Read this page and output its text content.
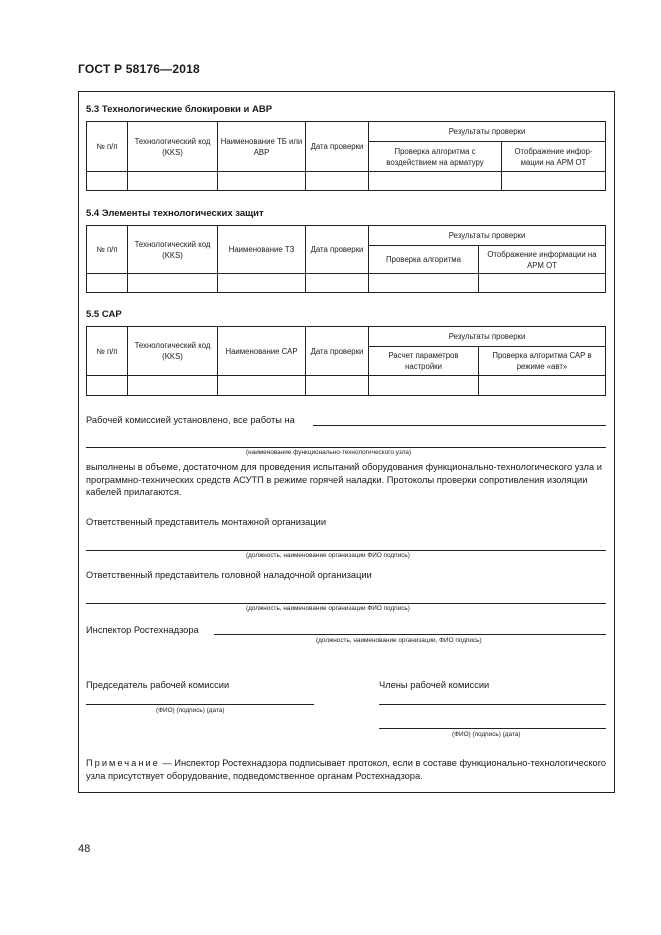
ГОСТ Р 58176—2018
5.3 Технологические блокировки и АВР
№ п/п	Технологический код (KKS)	Наименование ТБ или АВР	Дата проверки	Результаты проверки	
				Проверка алгоритма с воздействием на арматуру	Отображение инфор-мации на АРМ ОТ

5.4 Элементы технологических защит
№ п/п	Технологический код (KKS)	Наименование ТЗ	Дата проверки	Результаты проверки	
				Проверка алгоритма	Отображение информации на АРМ ОТ

5.5 САР
№ п/п	Технологический код (KKS)	Наименование САР	Дата проверки	Результаты проверки	
				Расчет параметров настройки	Проверка алгоритма САР в режиме «авт»

Рабочей комиссией установлено, все работы на
(наименование функционально-технологического узла)
выполнены в объеме, достаточном для проведения испытаний оборудования функционально-технологического узла и программно-технических средств АСУТП в режиме горячей наладки. Протоколы проверки сопротивления изоляции кабелей прилагаются.
Ответственный представитель монтажной организации
(должность, наименование организации ФИО подпись)
Ответственный представитель головной наладочной организации
(должность, наименование организации ФИО подпись)
Инспектор Ростехнадзора
(должность, наименование организации, ФИО подпись)
Председатель рабочей комиссии
(ФИО) (подпись) (дата)
Члены рабочей комиссии
(ФИО) (подпись) (дата)
Примечание — Инспектор Ростехнадзора подписывает протокол, если в составе функционально-технологического узла присутствует оборудование, подведомственное органам Ростехнадзора.
48
